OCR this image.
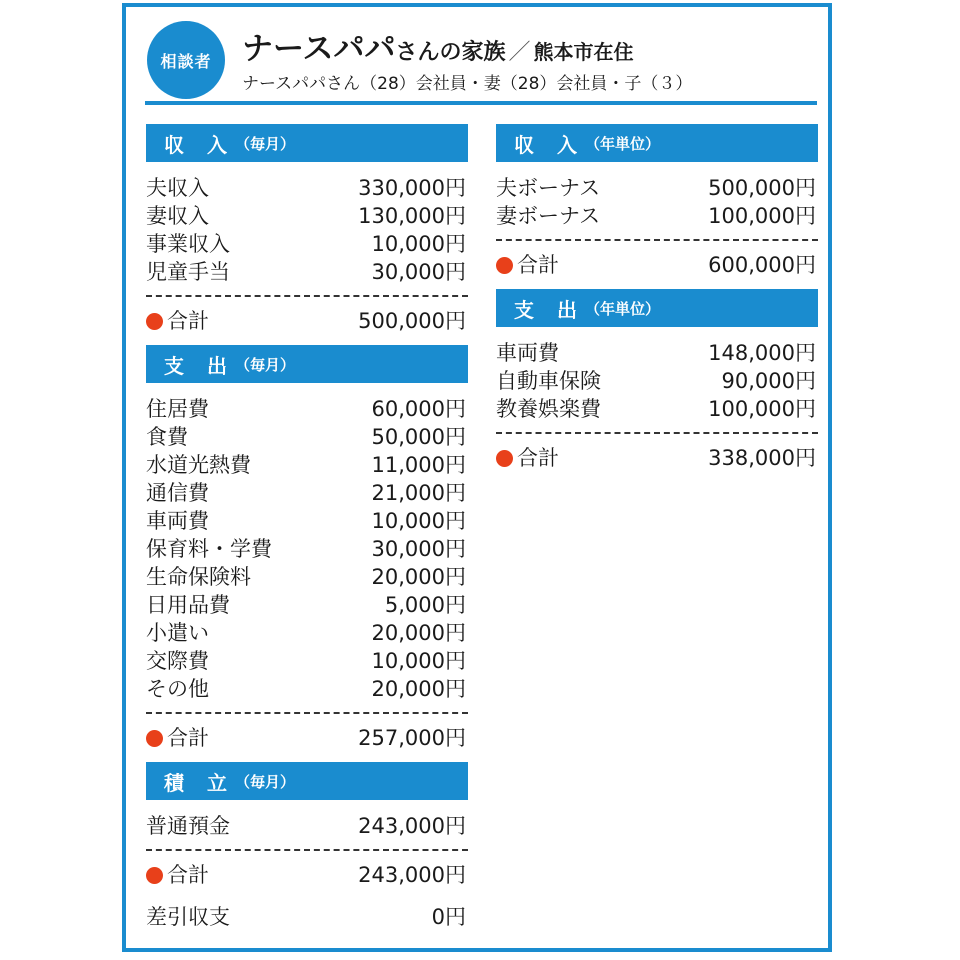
相談者 ナースパパさんの家族 ／ 熊本市在住
ナースパパさん（28）会社員・妻（28）会社員・子（３）
収 入 （毎月）
夫収入	330,000円
妻収入	130,000円
事業収入	10,000円
児童手当	30,000円
合計	500,000円
支 出 （毎月）
住居費	60,000円
食費	50,000円
水道光熱費	11,000円
通信費	21,000円
車両費	10,000円
保育料・学費	30,000円
生命保険料	20,000円
日用品費	5,000円
小遣い	20,000円
交際費	10,000円
その他	20,000円
合計	257,000円
積 立 （毎月）
普通預金	243,000円
合計	243,000円
差引収支	0円
収 入 （年単位）
夫ボーナス	500,000円
妻ボーナス	100,000円
合計	600,000円
支 出 （年単位）
車両費	148,000円
自動車保険	90,000円
教養娯楽費	100,000円
合計	338,000円
